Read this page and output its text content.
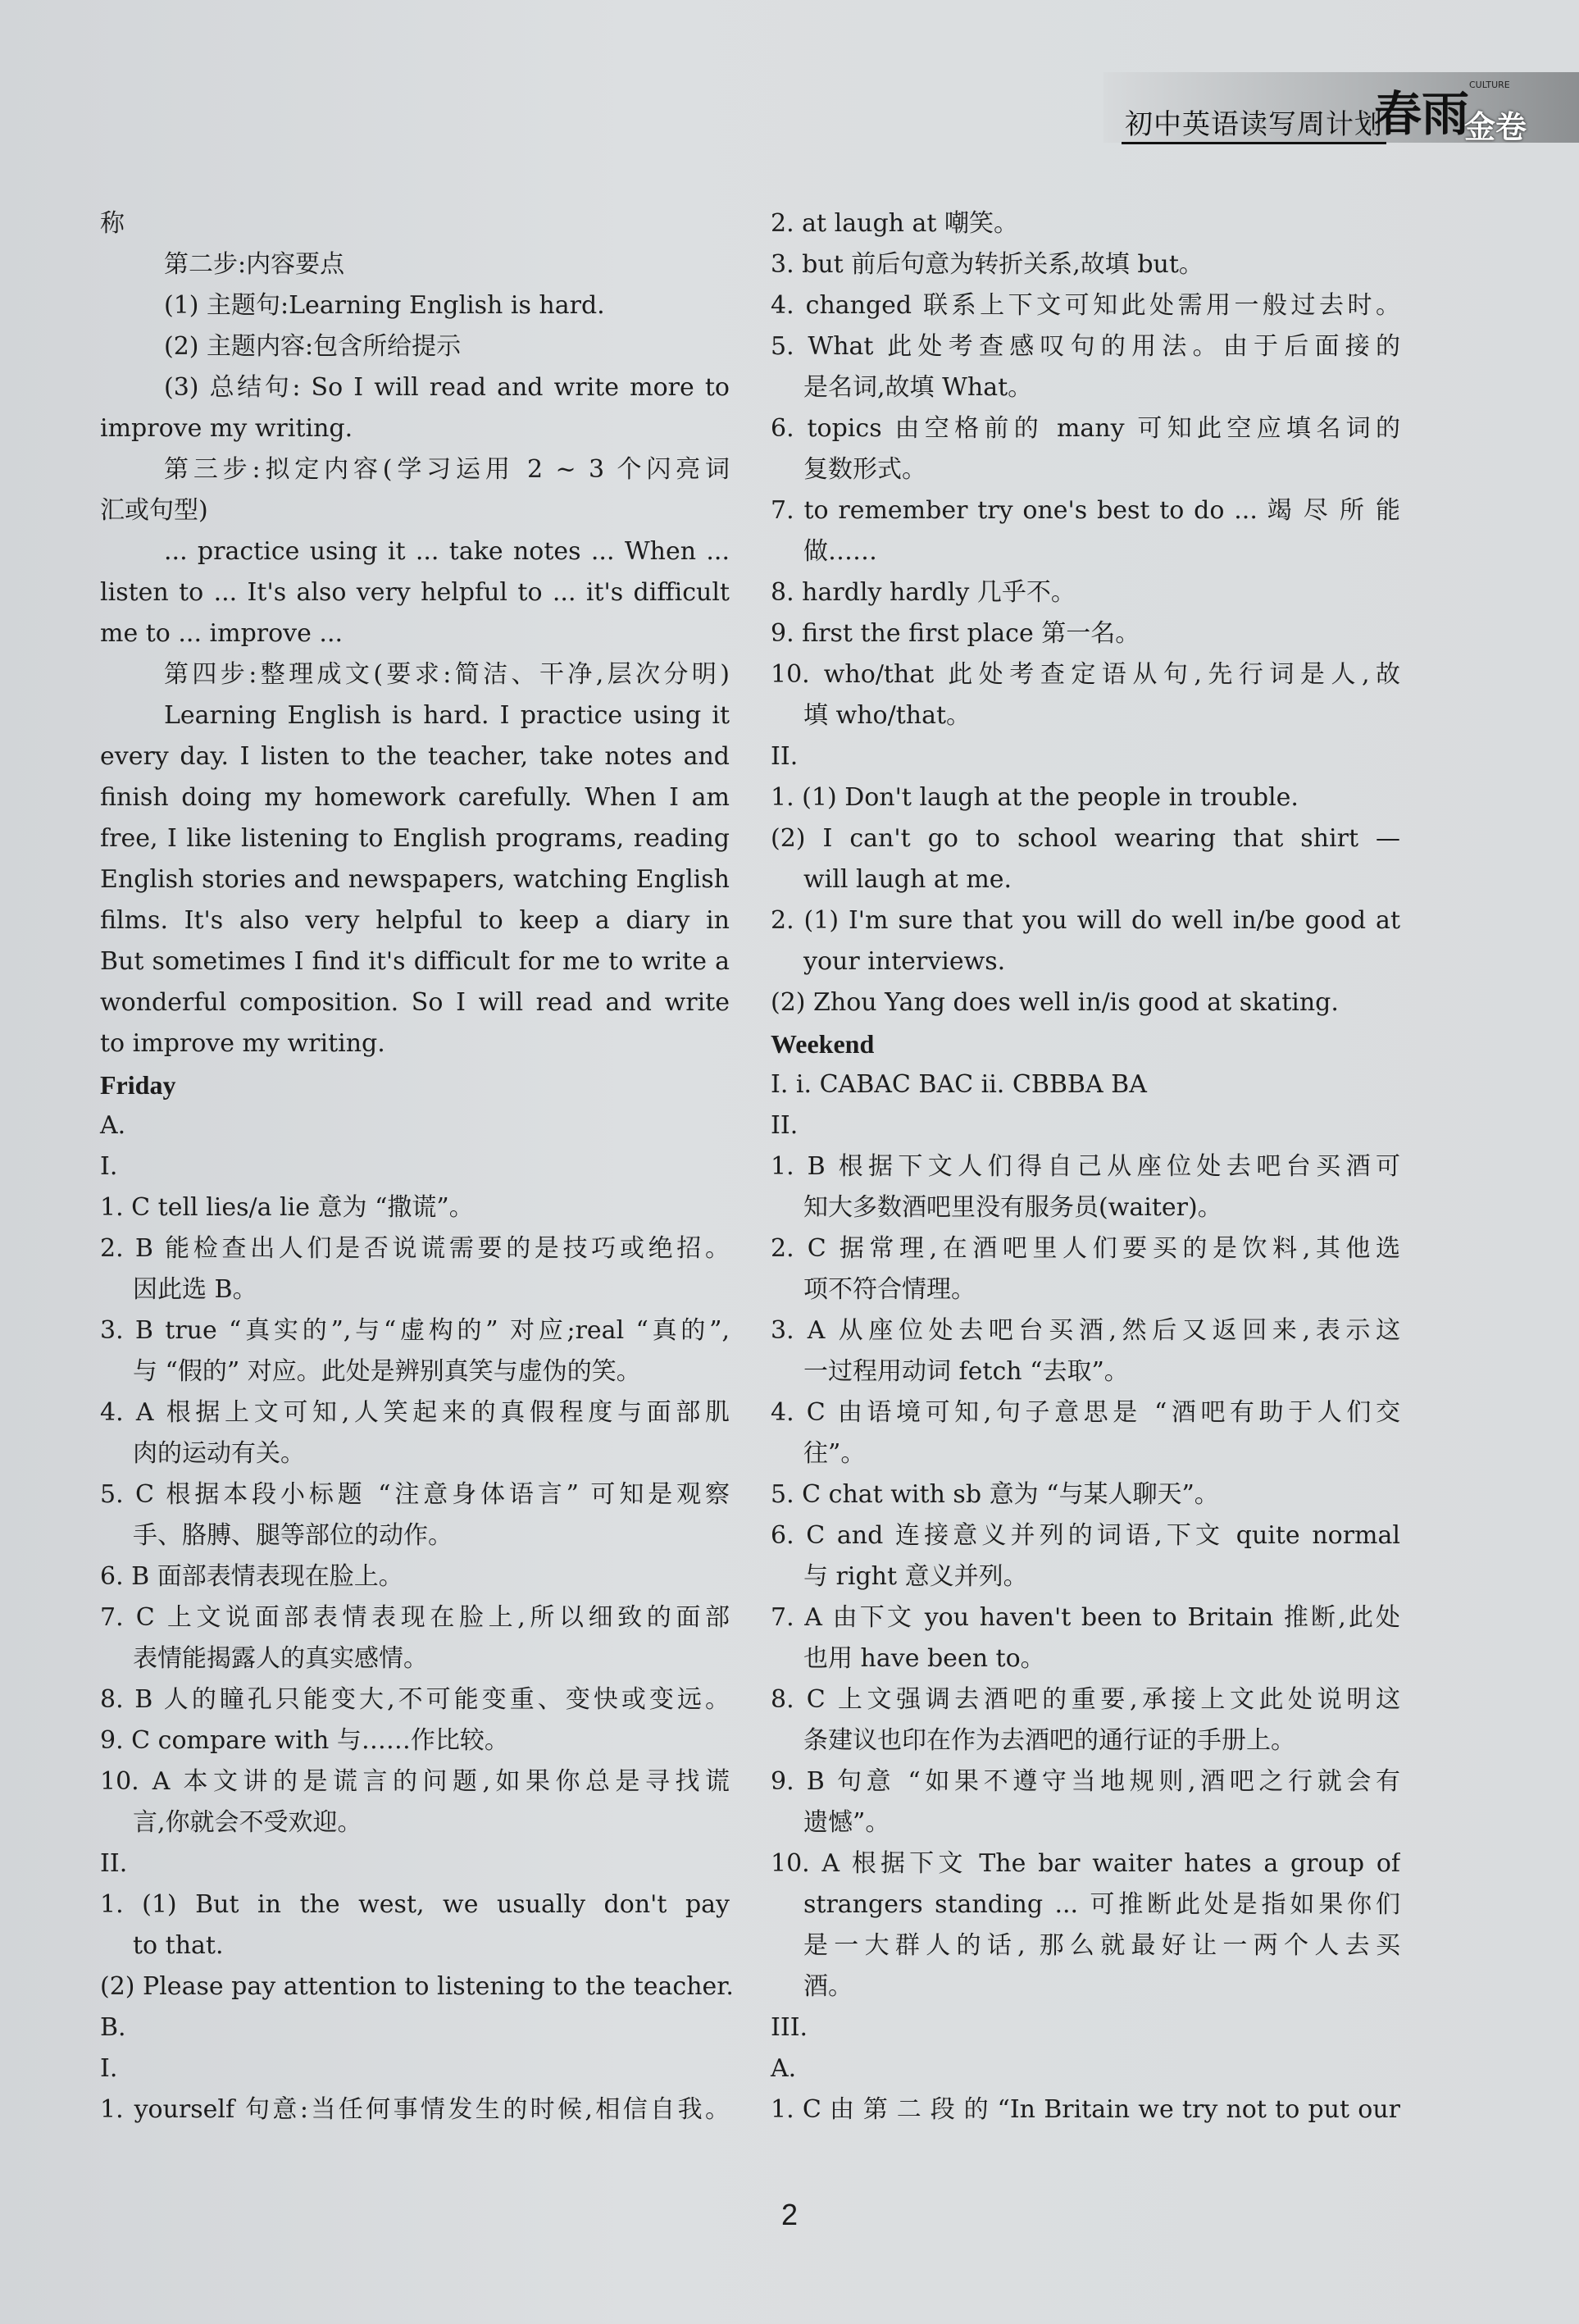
初中英语读写周计划
春雨
CULTURE
金卷
称
第二步:内容要点
(1) 主题句:Learning English is hard.
(2) 主题内容:包含所给提示
(3) 总结句: So I will read and write more to
improve my writing.
第三步:拟定内容(学习运用 2 ~ 3 个闪亮词
汇或句型)
... practice using it ... take notes ... When ...
listen to ... It's also very helpful to ... it's difficult
me to ... improve ...
第四步:整理成文(要求:简洁、干净,层次分明)
Learning English is hard. I practice using it
every day. I listen to the teacher, take notes and
finish doing my homework carefully. When I am
free, I like listening to English programs, reading
English stories and newspapers, watching English
films. It's also very helpful to keep a diary in
But sometimes I find it's difficult for me to write a
wonderful composition. So I will read and write
to improve my writing.
Friday
A.
I.
1. C tell lies/a lie 意为 “撒谎”。
2. B 能检查出人们是否说谎需要的是技巧或绝招。
因此选 B。
3. B true “真实的”,与“虚构的” 对应;real “真的”,
与 “假的” 对应。此处是辨别真笑与虚伪的笑。
4. A 根据上文可知,人笑起来的真假程度与面部肌
肉的运动有关。
5. C 根据本段小标题 “注意身体语言” 可知是观察
手、胳膊、腿等部位的动作。
6. B 面部表情表现在脸上。
7. C 上文说面部表情表现在脸上,所以细致的面部
表情能揭露人的真实感情。
8. B 人的瞳孔只能变大,不可能变重、变快或变远。
9. C compare with 与……作比较。
10. A 本文讲的是谎言的问题,如果你总是寻找谎
言,你就会不受欢迎。
II.
1. (1) But in the west, we usually don't pay
to that.
(2) Please pay attention to listening to the teacher.
B.
I.
1. yourself 句意:当任何事情发生的时候,相信自我。
2. at laugh at 嘲笑。
3. but 前后句意为转折关系,故填 but。
4. changed 联系上下文可知此处需用一般过去时。
5. What 此处考查感叹句的用法。由于后面接的
是名词,故填 What。
6. topics 由空格前的 many 可知此空应填名词的
复数形式。
7. to remember try one's best to do ... 竭 尽 所 能
做……
8. hardly hardly 几乎不。
9. first the first place 第一名。
10. who/that 此处考查定语从句,先行词是人,故
填 who/that。
II.
1. (1) Don't laugh at the people in trouble.
(2) I can't go to school wearing that shirt —
will laugh at me.
2. (1) I'm sure that you will do well in/be good at
your interviews.
(2) Zhou Yang does well in/is good at skating.
Weekend
I. i. CABAC BAC ii. CBBBA BA
II.
1. B 根据下文人们得自己从座位处去吧台买酒可
知大多数酒吧里没有服务员(waiter)。
2. C 据常理,在酒吧里人们要买的是饮料,其他选
项不符合情理。
3. A 从座位处去吧台买酒,然后又返回来,表示这
一过程用动词 fetch “去取”。
4. C 由语境可知,句子意思是 “酒吧有助于人们交
往”。
5. C chat with sb 意为 “与某人聊天”。
6. C and 连接意义并列的词语,下文 quite normal
与 right 意义并列。
7. A 由下文 you haven't been to Britain 推断,此处
也用 have been to。
8. C 上文强调去酒吧的重要,承接上文此处说明这
条建议也印在作为去酒吧的通行证的手册上。
9. B 句意 “如果不遵守当地规则,酒吧之行就会有
遗憾”。
10. A 根据下文 The bar waiter hates a group of
strangers standing ... 可推断此处是指如果你们
是一大群人的话, 那么就最好让一两个人去买
酒。
III.
A.
1. C 由 第 二 段 的 “In Britain we try not to put our
2
